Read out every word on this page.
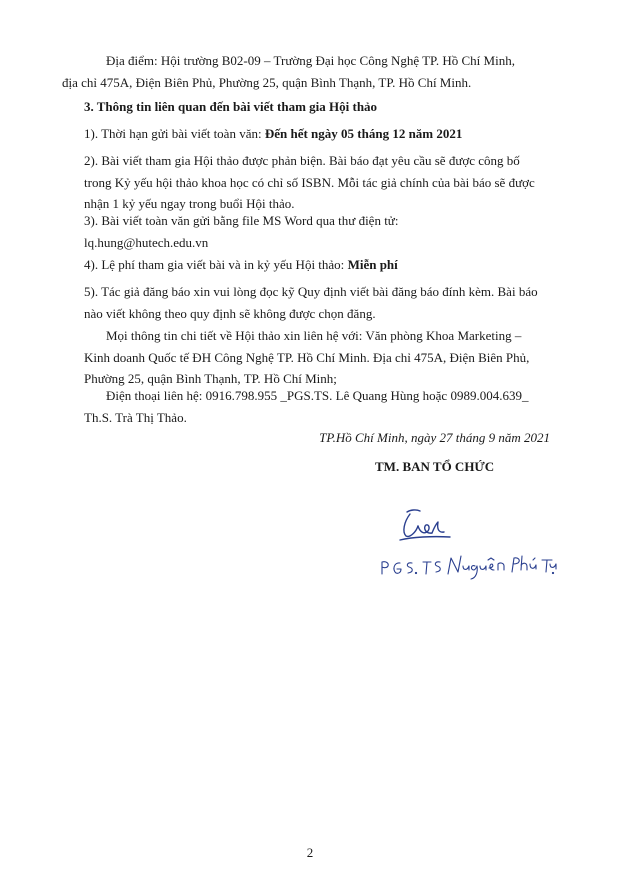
Địa điểm: Hội trường B02-09 – Trường Đại học Công Nghệ TP. Hồ Chí Minh,
địa chỉ 475A, Điện Biên Phủ, Phường 25, quận Bình Thạnh, TP. Hồ Chí Minh.
3. Thông tin liên quan đến bài viết tham gia Hội thảo
1). Thời hạn gửi bài viết toàn văn: Đến hết ngày 05 tháng 12 năm 2021
2). Bài viết tham gia Hội thảo được phản biện. Bài báo đạt yêu cầu sẽ được công bố
trong Kỷ yếu hội thảo khoa học có chỉ số ISBN. Mỗi tác giả chính của bài báo sẽ được
nhận 1 kỷ yếu ngay trong buổi Hội thảo.
3). Bài viết toàn văn gửi bằng file MS Word qua thư điện tử:
lq.hung@hutech.edu.vn
4). Lệ phí tham gia viết bài và in kỷ yếu Hội thảo: Miễn phí
5). Tác giả đăng báo xin vui lòng đọc kỹ Quy định viết bài đăng báo đính kèm. Bài báo
nào viết không theo quy định sẽ không được chọn đăng.
Mọi thông tin chi tiết về Hội thảo xin liên hệ với: Văn phòng Khoa Marketing –
Kinh doanh Quốc tế ĐH Công Nghệ TP. Hồ Chí Minh. Địa chỉ 475A, Điện Biên Phủ,
Phường 25, quận Bình Thạnh, TP. Hồ Chí Minh;
Điện thoại liên hệ: 0916.798.955 _PGS.TS. Lê Quang Hùng hoặc 0989.004.639_
Th.S. Trà Thị Thảo.
TP.Hồ Chí Minh, ngày 27 tháng 9 năm 2021
TM. BAN TỔ CHỨC
2
